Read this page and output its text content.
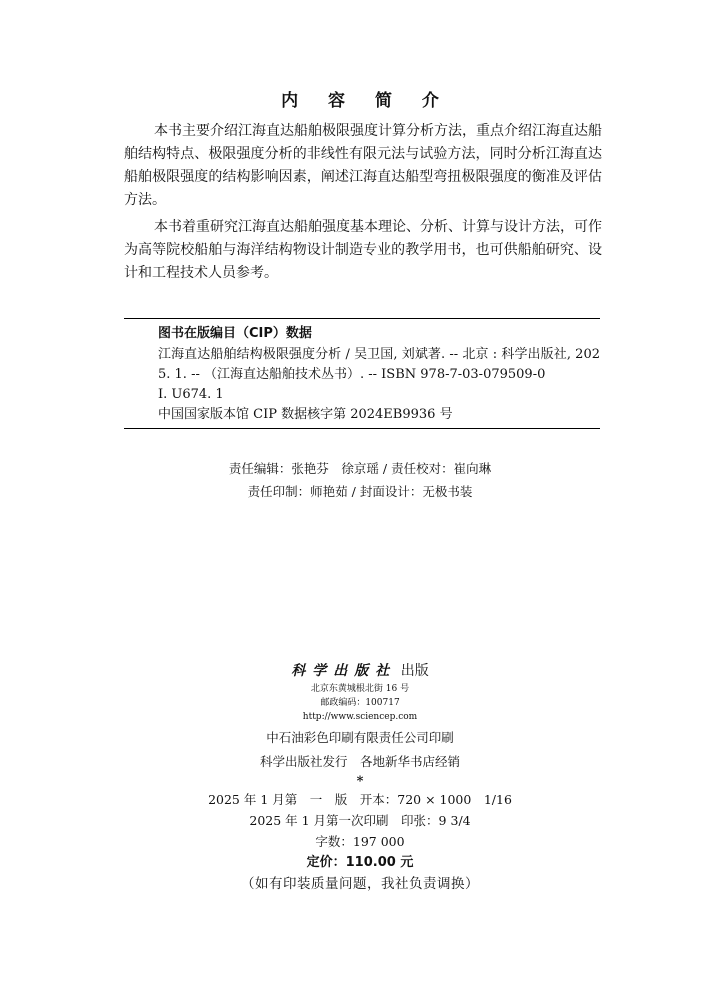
内 容 简 介

本书主要介绍江海直达船舶极限强度计算分析方法，重点介绍江海直达船舶结构特点、极限强度分析的非线性有限元法与试验方法，同时分析江海直达船舶极限强度的结构影响因素，阐述江海直达船型弯扭极限强度的衡准及评估方法。

本书着重研究江海直达船舶强度基本理论、分析、计算与设计方法，可作为高等院校船舶与海洋结构物设计制造专业的教学用书，也可供船舶研究、设计和工程技术人员参考。

图书在版编目（CIP）数据
江海直达船舶结构极限强度分析 / 吴卫国, 刘斌著. -- 北京 : 科学出版社, 2025. 1. -- （江海直达船舶技术丛书）. -- ISBN 978-7-03-079509-0
Ⅰ. U674. 1
中国国家版本馆 CIP 数据核字第 2024EB9936 号
责任编辑：张艳芬　徐京瑶 / 责任校对：崔向琳
责任印制：师艳茹 / 封面设计：无极书装
科学出版社 出版
北京东黄城根北街 16 号
邮政编码：100717
http://www.sciencep.com
中石油彩色印刷有限责任公司印刷
科学出版社发行　各地新华书店经销
*
2025 年 1 月第　一　版　开本：720 × 1000　1/16
2025 年 1 月第一次印刷　印张：9 3/4
字数：197 000
定价：110.00 元
（如有印装质量问题，我社负责调换）
